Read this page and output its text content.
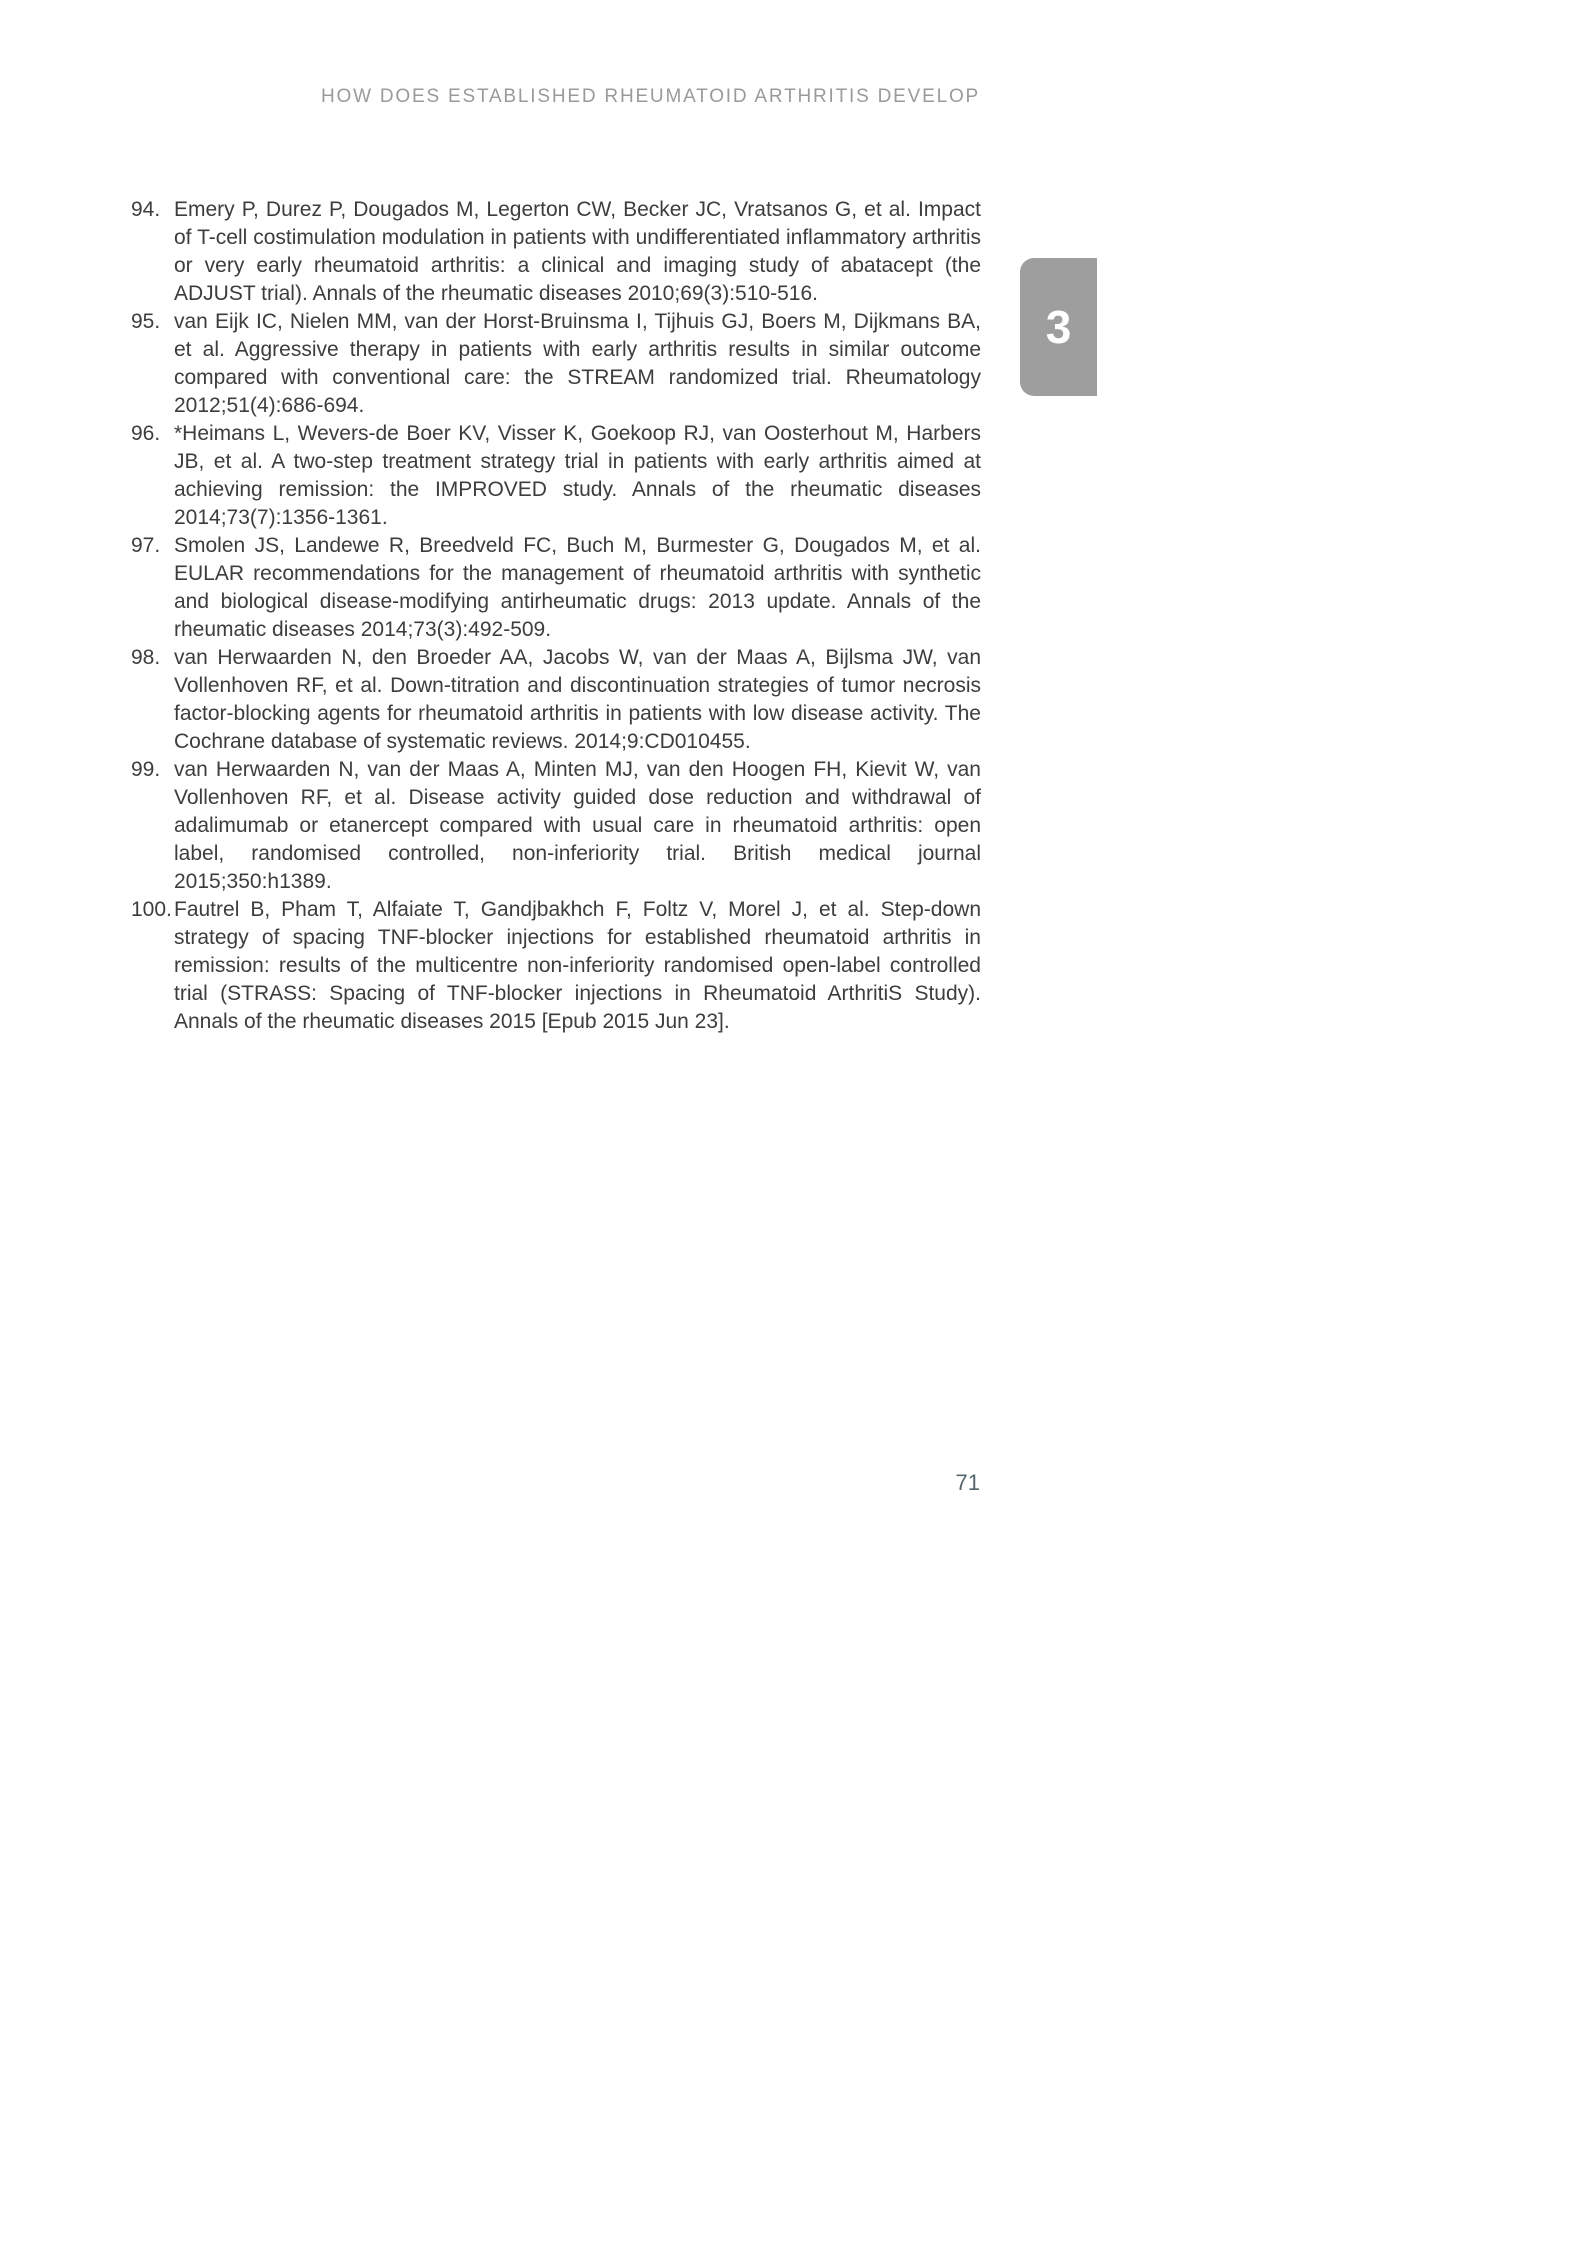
HOW DOES ESTABLISHED RHEUMATOID ARTHRITIS DEVELOP
3
94. Emery P, Durez P, Dougados M, Legerton CW, Becker JC, Vratsanos G, et al. Impact of T-cell costimulation modulation in patients with undifferentiated inflammatory arthritis or very early rheumatoid arthritis: a clinical and imaging study of abatacept (the ADJUST trial). Annals of the rheumatic diseases 2010;69(3):510-516.
95. van Eijk IC, Nielen MM, van der Horst-Bruinsma I, Tijhuis GJ, Boers M, Dijkmans BA, et al. Aggressive therapy in patients with early arthritis results in similar outcome compared with conventional care: the STREAM randomized trial. Rheumatology 2012;51(4):686-694.
96. *Heimans L, Wevers-de Boer KV, Visser K, Goekoop RJ, van Oosterhout M, Harbers JB, et al. A two-step treatment strategy trial in patients with early arthritis aimed at achieving remission: the IMPROVED study. Annals of the rheumatic diseases 2014;73(7):1356-1361.
97. Smolen JS, Landewe R, Breedveld FC, Buch M, Burmester G, Dougados M, et al. EULAR recommendations for the management of rheumatoid arthritis with synthetic and biological disease-modifying antirheumatic drugs: 2013 update. Annals of the rheumatic diseases 2014;73(3):492-509.
98. van Herwaarden N, den Broeder AA, Jacobs W, van der Maas A, Bijlsma JW, van Vollenhoven RF, et al. Down-titration and discontinuation strategies of tumor necrosis factor-blocking agents for rheumatoid arthritis in patients with low disease activity. The Cochrane database of systematic reviews. 2014;9:CD010455.
99. van Herwaarden N, van der Maas A, Minten MJ, van den Hoogen FH, Kievit W, van Vollenhoven RF, et al. Disease activity guided dose reduction and withdrawal of adalimumab or etanercept compared with usual care in rheumatoid arthritis: open label, randomised controlled, non-inferiority trial. British medical journal 2015;350:h1389.
100. Fautrel B, Pham T, Alfaiate T, Gandjbakhch F, Foltz V, Morel J, et al. Step-down strategy of spacing TNF-blocker injections for established rheumatoid arthritis in remission: results of the multicentre non-inferiority randomised open-label controlled trial (STRASS: Spacing of TNF-blocker injections in Rheumatoid ArthritiS Study). Annals of the rheumatic diseases 2015 [Epub 2015 Jun 23].
71
